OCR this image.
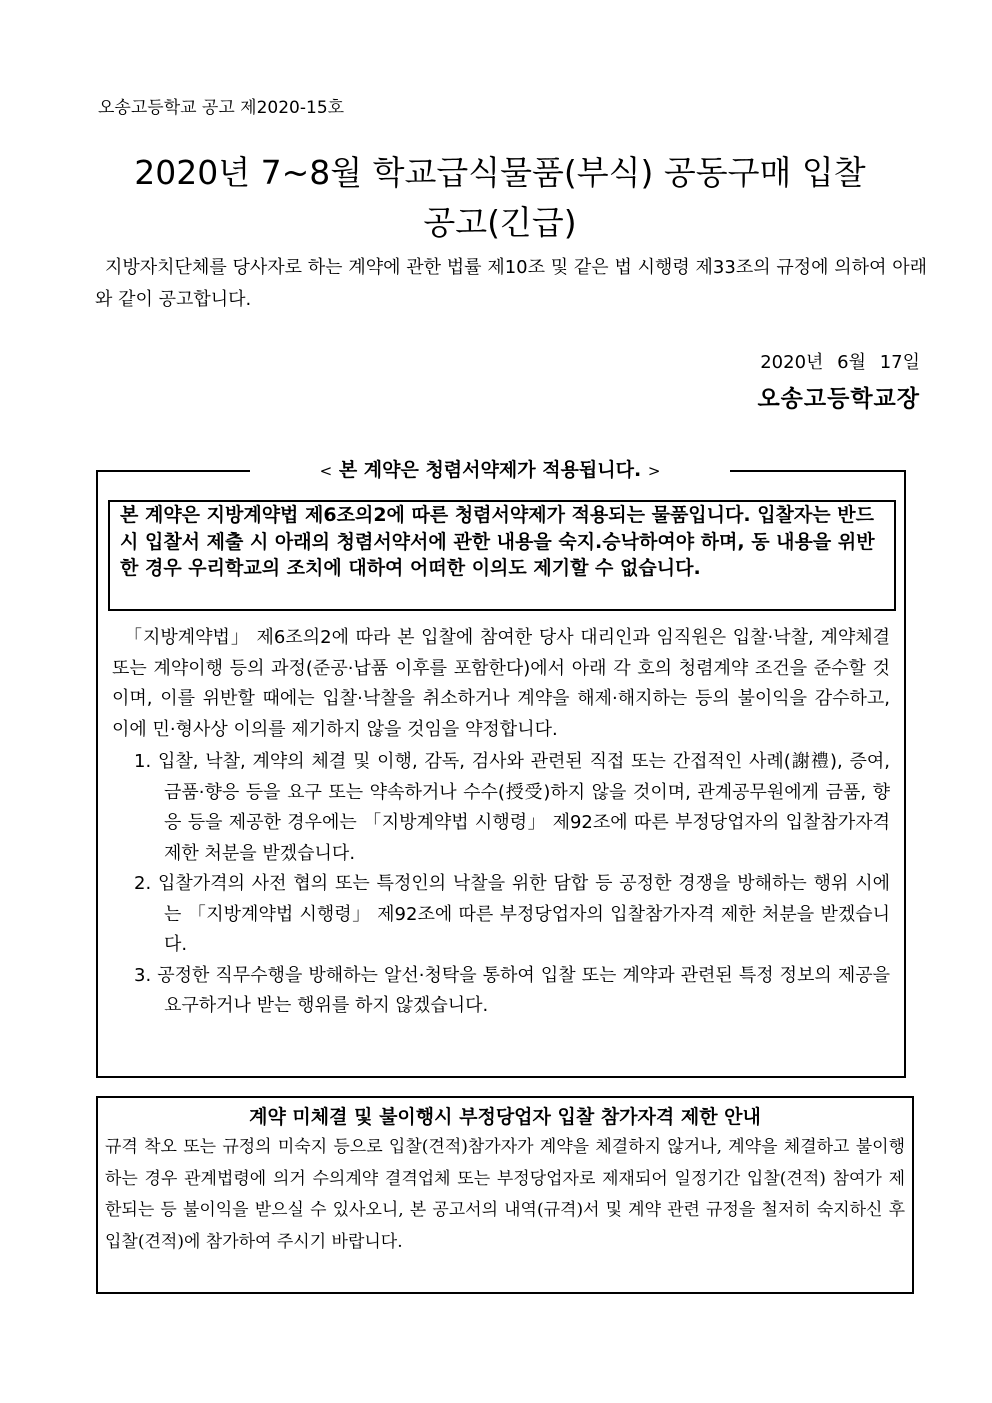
오송고등학교 공고 제2020-15호
2020년 7~8월 학교급식물품(부식) 공동구매 입찰
공고(긴급)
지방자치단체를 당사자로 하는 계약에 관한 법률 제10조 및 같은 법 시행령 제33조의 규정에 의하여 아래와 같이 공고합니다.
2020년 6월 17일
오송고등학교장
< 본 계약은 청렴서약제가 적용됩니다. >

본 계약은 지방계약법 제6조의2에 따른 청렴서약제가 적용되는 물품입니다. 입찰자는 반드시 입찰서 제출 시 아래의 청렴서약서에 관한 내용을 숙지.승낙하여야 하며, 동 내용을 위반한 경우 우리학교의 조치에 대하여 어떠한 이의도 제기할 수 없습니다.

「지방계약법」 제6조의2에 따라 본 입찰에 참여한 당사 대리인과 임직원은 입찰·낙찰, 계약체결 또는 계약이행 등의 과정(준공·납품 이후를 포함한다)에서 아래 각 호의 청렴계약 조건을 준수할 것이며, 이를 위반할 때에는 입찰·낙찰을 취소하거나 계약을 해제·해지하는 등의 불이익을 감수하고, 이에 민·형사상 이의를 제기하지 않을 것임을 약정합니다.

1. 입찰, 낙찰, 계약의 체결 및 이행, 감독, 검사와 관련된 직접 또는 간접적인 사례(謝禮), 증여, 금품·향응 등을 요구 또는 약속하거나 수수(授受)하지 않을 것이며, 관계공무원에게 금품, 향응 등을 제공한 경우에는 「지방계약법 시행령」 제92조에 따른 부정당업자의 입찰참가자격 제한 처분을 받겠습니다.
2. 입찰가격의 사전 협의 또는 특정인의 낙찰을 위한 담합 등 공정한 경쟁을 방해하는 행위 시에는 「지방계약법 시행령」 제92조에 따른 부정당업자의 입찰참가자격 제한 처분을 받겠습니다.
3. 공정한 직무수행을 방해하는 알선·청탁을 통하여 입찰 또는 계약과 관련된 특정 정보의 제공을 요구하거나 받는 행위를 하지 않겠습니다.
계약 미체결 및 불이행시 부정당업자 입찰 참가자격 제한 안내

규격 착오 또는 규정의 미숙지 등으로 입찰(견적)참가자가 계약을 체결하지 않거나, 계약을 체결하고 불이행하는 경우 관계법령에 의거 수의계약 결격업체 또는 부정당업자로 제재되어 일정기간 입찰(견적) 참여가 제한되는 등 불이익을 받으실 수 있사오니, 본 공고서의 내역(규격)서 및 계약 관련 규정을 철저히 숙지하신 후 입찰(견적)에 참가하여 주시기 바랍니다.
